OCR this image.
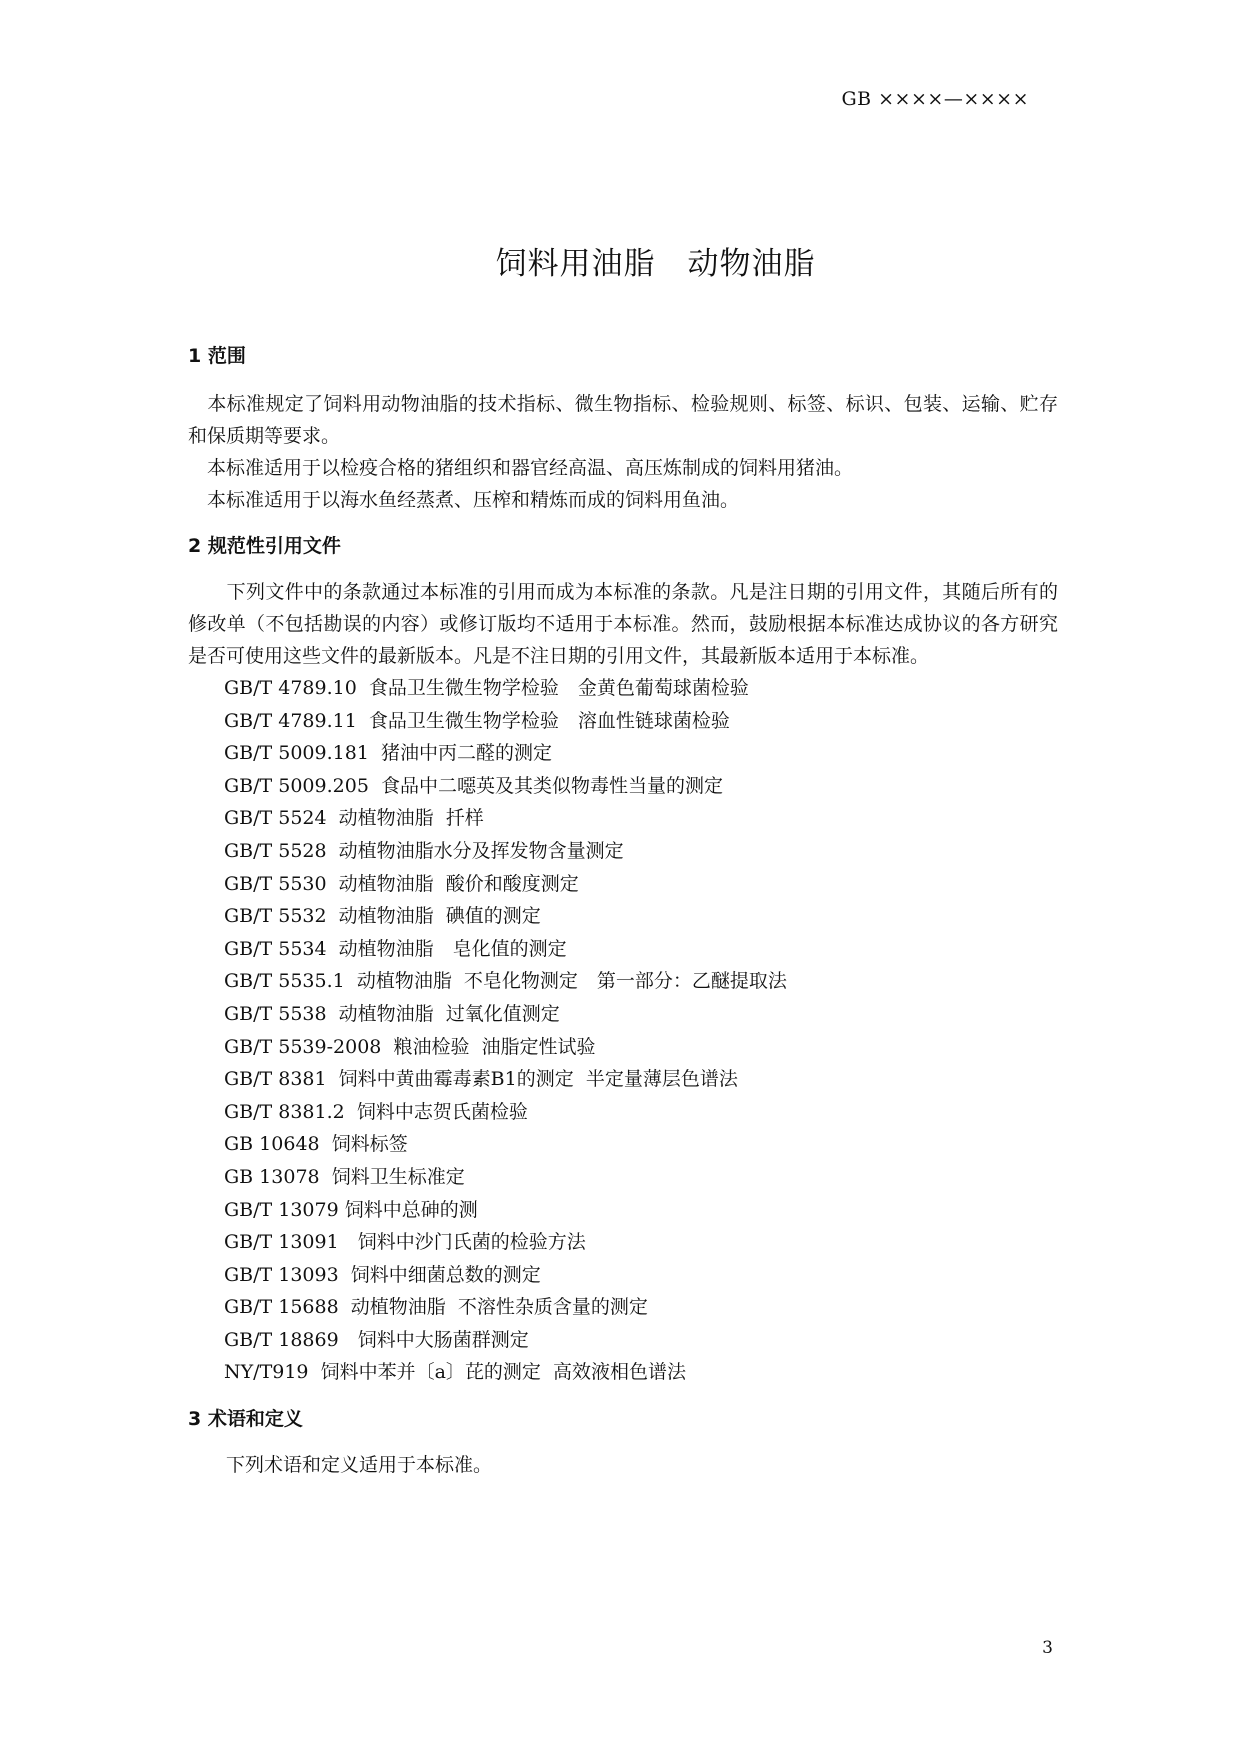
GB ××××—××××
饲料用油脂　动物油脂
1 范围

　本标准规定了饲料用动物油脂的技术指标、微生物指标、检验规则、标签、标识、包装、运输、贮存和保质期等要求。

　本标准适用于以检疫合格的猪组织和器官经高温、高压炼制成的饲料用猪油。

　本标准适用于以海水鱼经蒸煮、压榨和精炼而成的饲料用鱼油。

2 规范性引用文件

　　下列文件中的条款通过本标准的引用而成为本标准的条款。凡是注日期的引用文件，其随后所有的修改单（不包括勘误的内容）或修订版均不适用于本标准。然而，鼓励根据本标准达成协议的各方研究是否可使用这些文件的最新版本。凡是不注日期的引用文件，其最新版本适用于本标准。

GB/T 4789.10  食品卫生微生物学检验　金黄色葡萄球菌检验
GB/T 4789.11  食品卫生微生物学检验　溶血性链球菌检验
GB/T 5009.181  猪油中丙二醛的测定
GB/T 5009.205  食品中二噁英及其类似物毒性当量的测定
GB/T 5524  动植物油脂  扦样
GB/T 5528  动植物油脂水分及挥发物含量测定
GB/T 5530  动植物油脂  酸价和酸度测定
GB/T 5532  动植物油脂  碘值的测定
GB/T 5534  动植物油脂　皂化值的测定
GB/T 5535.1  动植物油脂  不皂化物测定　第一部分：乙醚提取法
GB/T 5538  动植物油脂  过氧化值测定
GB/T 5539-2008  粮油检验  油脂定性试验
GB/T 8381  饲料中黄曲霉毒素B1的测定  半定量薄层色谱法
GB/T 8381.2  饲料中志贺氏菌检验
GB 10648  饲料标签
GB 13078  饲料卫生标准定
GB/T 13079 饲料中总砷的测
GB/T 13091　饲料中沙门氏菌的检验方法
GB/T 13093  饲料中细菌总数的测定
GB/T 15688  动植物油脂  不溶性杂质含量的测定
GB/T 18869　饲料中大肠菌群测定
NY/T919  饲料中苯并〔a〕芘的测定  高效液相色谱法
3 术语和定义

　　下列术语和定义适用于本标准。

3
